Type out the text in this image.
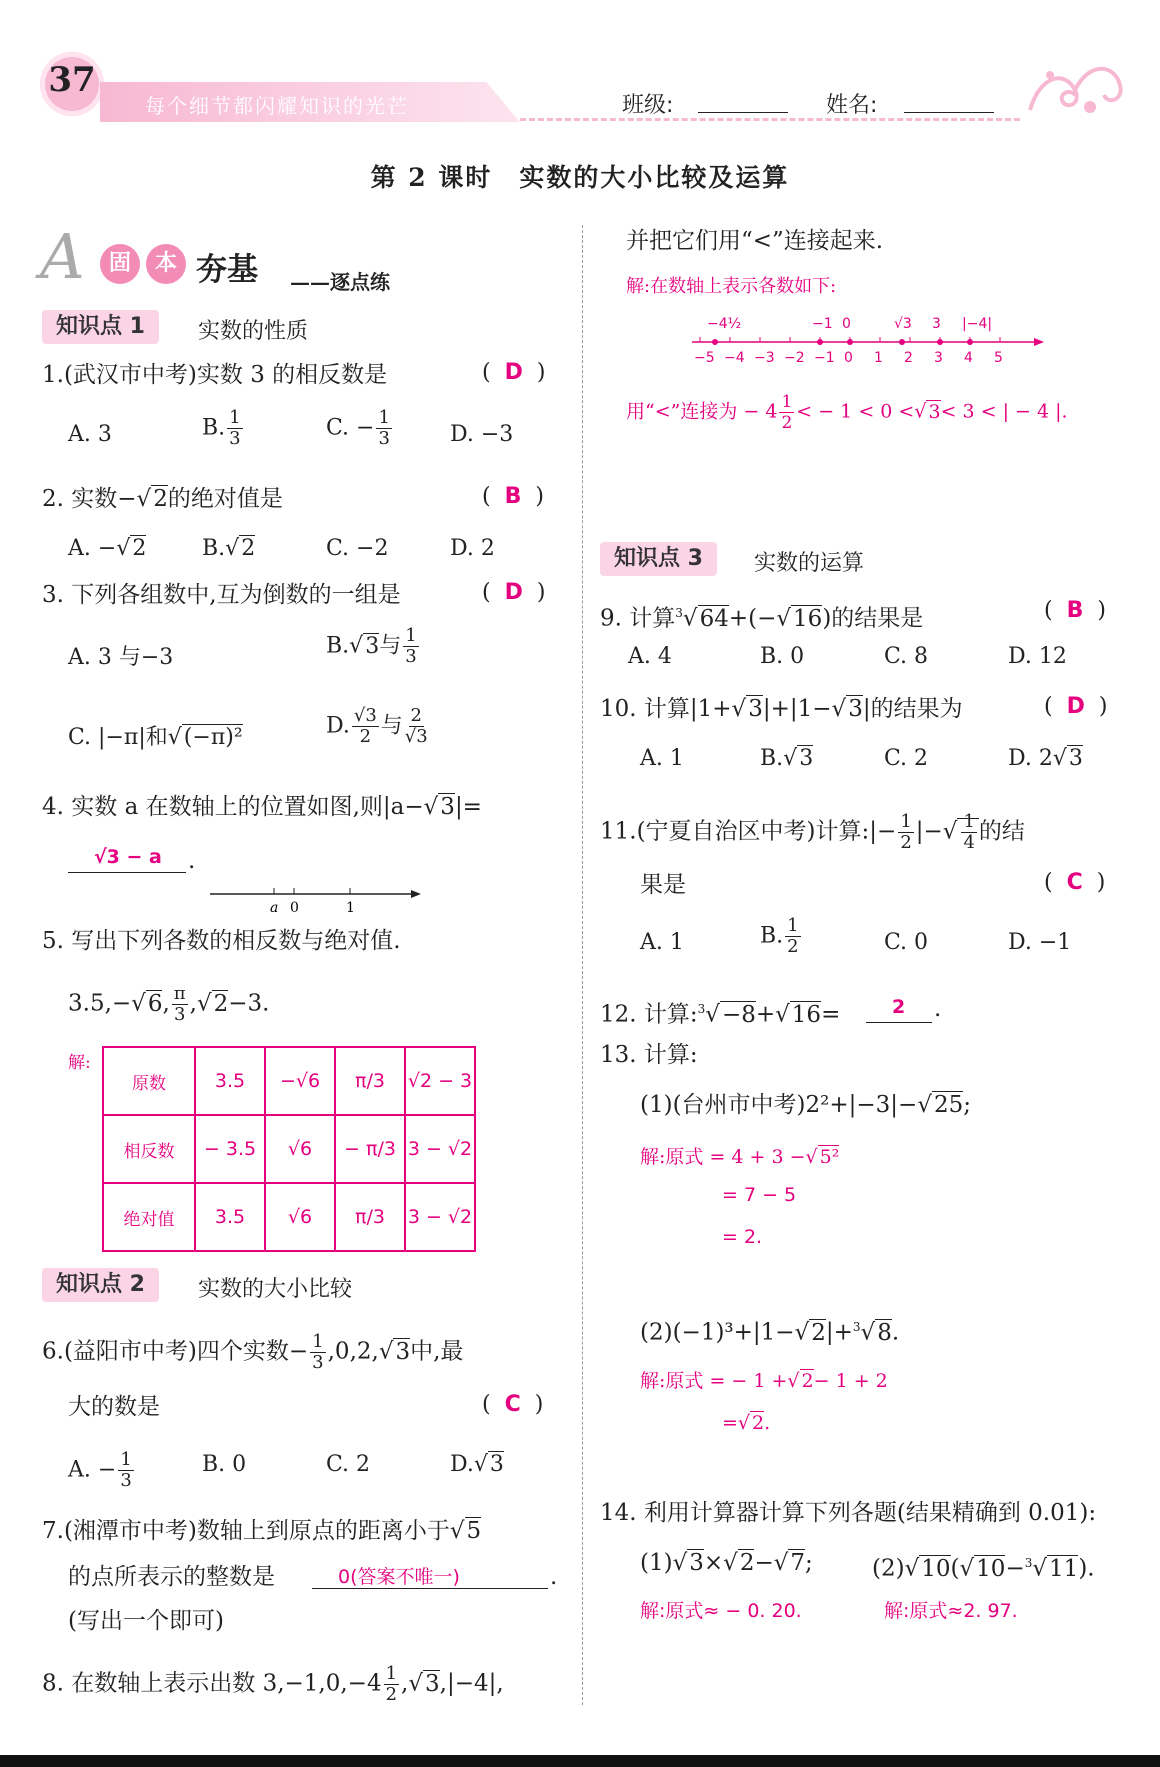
37
每个细节都闪耀知识的光芒	班级:	姓名:
第 2 课时　实数的大小比较及运算
A	固	本 夯基 ——逐点练
知识点 1	实数的性质
1.(武汉市中考)实数 3 的相反数是	( D )
A. 3	B. $\frac{1}{3}$	C. − $\frac{1}{3}$	D. −3
2. 实数−√2的绝对值是	( B )
A. −√2	B.√2	C. −2	D. 2
3. 下列各组数中,互为倒数的一组是	( D )
A. 3 与−3	B.√3与 $\frac{1}{3}$
C. |−π|和√(−π)²	D. $\frac{√3}{2}$ 与 $\frac{2}{√3}$
4. 实数 a 在数轴上的位置如图,则|a−√3|=
√3 − a .
a 0	1
5. 写出下列各数的相反数与绝对值.
3.5,−√6, $\frac{\pi}{3} ,√2-3$.
解:
原数	3.5	−√6	π/3	√2 − 3
相反数	− 3.5	√6	− π/3	3 − √2
绝对值	3.5	√6	π/3	3 − √2
知识点 2	实数的大小比较
6.(益阳市中考)四个实数− $\frac{1}{3} ,0,2,√3$中,最
大的数是	( C )
A. − $\frac{1}{3}$	B. 0	C. 2	D.√3
7.(湘潭市中考)数轴上到原点的距离小于√5
的点所表示的整数是	0(答案不唯一)	.
(写出一个即可)
8. 在数轴上表示出数 $3,-1,0,-4 \frac{1}{2} ,√3,|-4|$,
并把它们用“<”连接起来.
解:在数轴上表示各数如下:
−5 −4 −3 −2 −1 0 1 2 3 4 5
−4½	−1 0	√3 3 |−4|
用“<”连接为 − $4 \frac{1}{2}$ < − 1 < 0 <√ 3< 3 < | − 4 |.
知识点 3	实数的运算
9. 计算$^3$√64+(−√16)的结果是	( B )
A. 4	B. 0	C. 8	D. 12
10. 计算|1+√3|+|1−√3|的结果为	( D )
A. 1	B.√3	C. 2	D. 2√3
11.(宁夏自治区中考)计算:|− $\frac{1}{2}$ |−√ $\frac{1}{4}$ 的结
果是	( C )
A. 1	B. $\frac{1}{2}$	C. 0	D. −1
12. 计算:$^3$√−8+√16=	2 .
13. 计算:
(1)(台州市中考)2²+|−3|−√25;
解:原式 = 4 + 3 −√ 5²
= 7 − 5
= 2.
(2)(−1)³+|1−√2|+$^3$√8.
解:原式 = − 1 +√ 2− 1 + 2
=√ 2.
14. 利用计算器计算下列各题(结果精确到 0.01):
(1)√3×√2−√7;	(2)√10(√10−$^3$√11).
解:原式≈ − 0. 20.	解:原式≈2. 97.
